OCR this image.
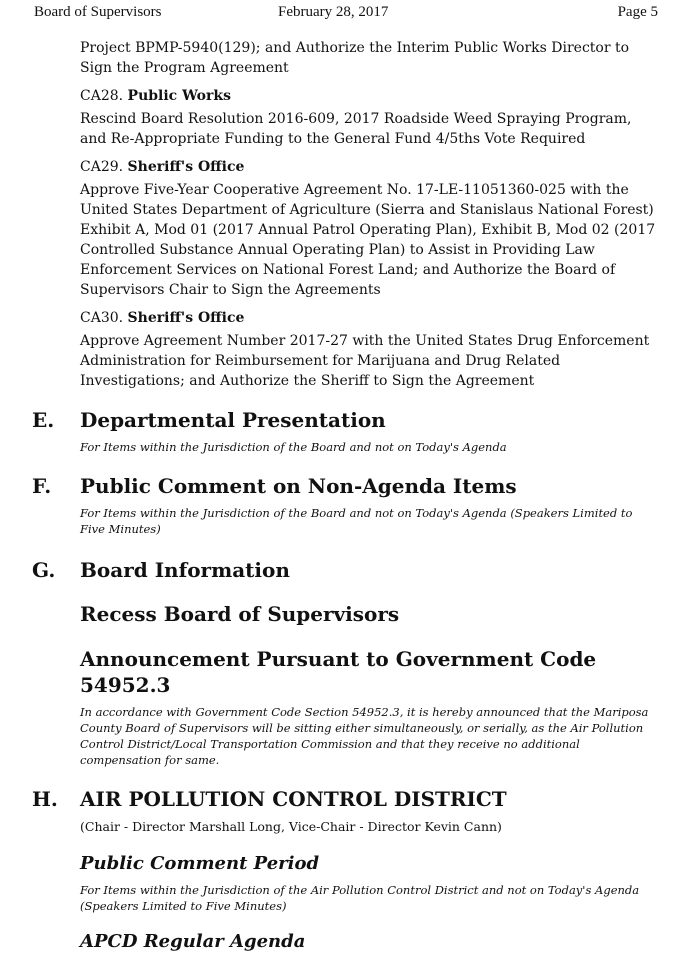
Board of Supervisors	February 28, 2017	Page 5

Project BPMP-5940(129); and Authorize the Interim Public Works Director to Sign the Program Agreement

CA28. Public Works

Rescind Board Resolution 2016-609, 2017 Roadside Weed Spraying Program, and Re-Appropriate Funding to the General Fund 4/5ths Vote Required

CA29. Sheriff's Office

Approve Five-Year Cooperative Agreement No. 17-LE-11051360-025 with the United States Department of Agriculture (Sierra and Stanislaus National Forest) Exhibit A, Mod 01 (2017 Annual Patrol Operating Plan), Exhibit B, Mod 02 (2017 Controlled Substance Annual Operating Plan) to Assist in Providing Law Enforcement Services on National Forest Land; and Authorize the Board of Supervisors Chair to Sign the Agreements

CA30. Sheriff's Office

Approve Agreement Number 2017-27 with the United States Drug Enforcement Administration for Reimbursement for Marijuana and Drug Related Investigations; and Authorize the Sheriff to Sign the Agreement

E. Departmental Presentation

For Items within the Jurisdiction of the Board and not on Today's Agenda

F. Public Comment on Non-Agenda Items

For Items within the Jurisdiction of the Board and not on Today's Agenda (Speakers Limited to Five Minutes)

G. Board Information

Recess Board of Supervisors

Announcement Pursuant to Government Code 54952.3

In accordance with Government Code Section 54952.3, it is hereby announced that the Mariposa County Board of Supervisors will be sitting either simultaneously, or serially, as the Air Pollution Control District/Local Transportation Commission and that they receive no additional compensation for same.

H. AIR POLLUTION CONTROL DISTRICT

(Chair - Director Marshall Long, Vice-Chair - Director Kevin Cann)

Public Comment Period

For Items within the Jurisdiction of the Air Pollution Control District and not on Today's Agenda (Speakers Limited to Five Minutes)

APCD Regular Agenda
